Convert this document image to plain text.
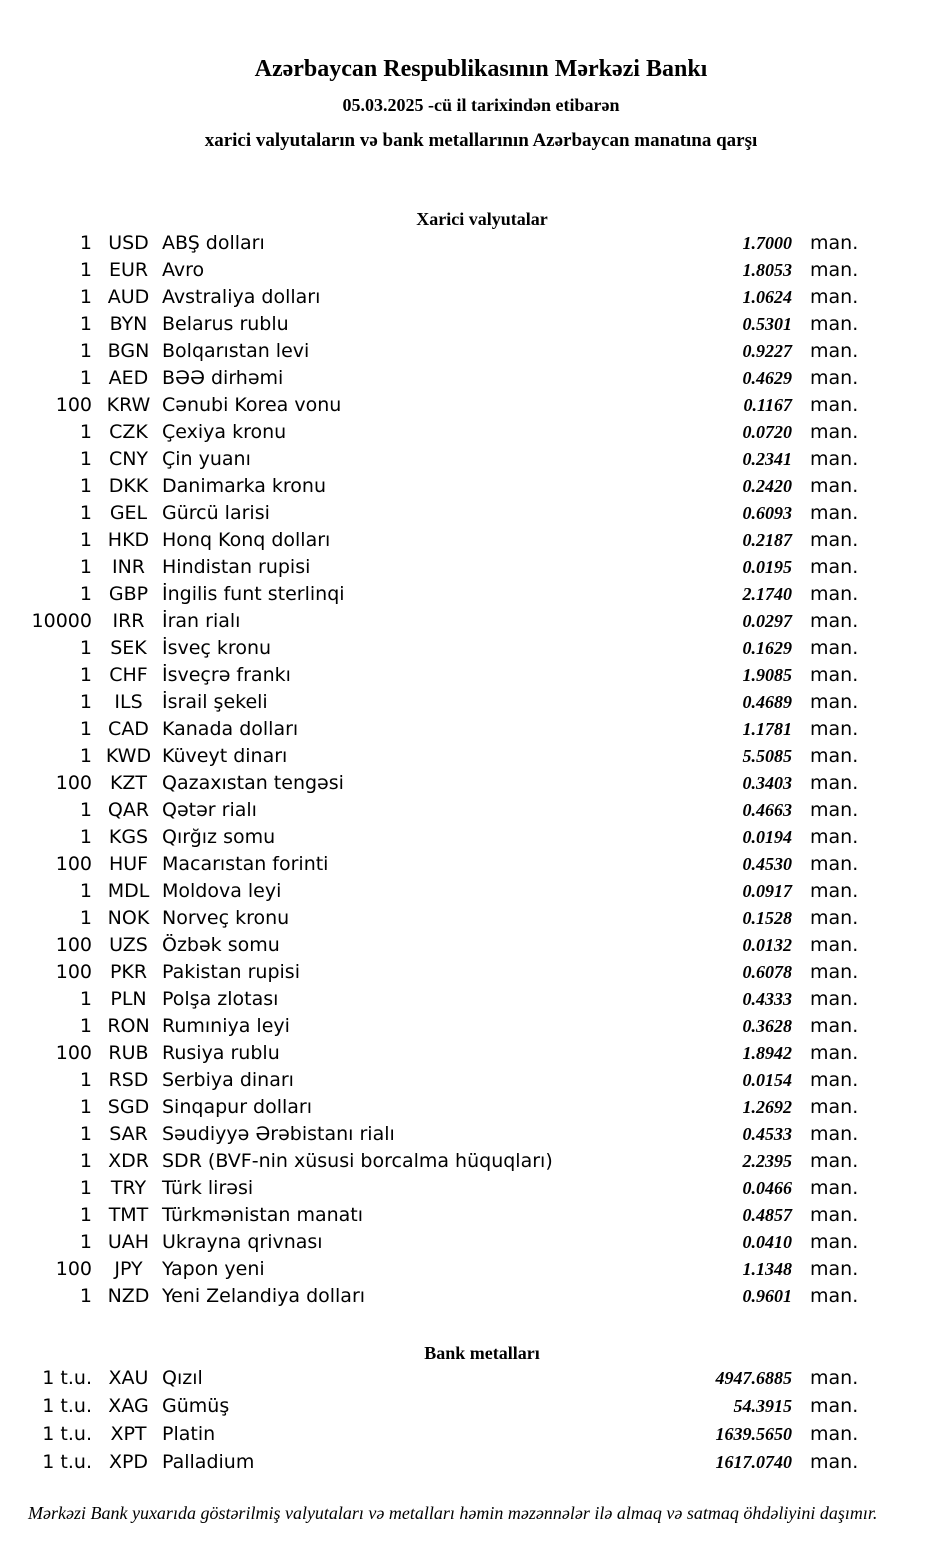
Azərbaycan Respublikasının Mərkəzi Bankı
05.03.2025 -cü il tarixindən etibarən
xarici valyutaların və bank metallarının Azərbaycan manatına qarşı
Xarici valyutalar
1 USD ABŞ dolları	1.7000 man.
1 EUR Avro	1.8053 man.
1 AUD Avstraliya dolları	1.0624 man.
1 BYN Belarus rublu	0.5301 man.
1 BGN Bolqarıstan levi	0.9227 man.
1 AED BƏƏ dirhəmi	0.4629 man.
100 KRW Cənubi Korea vonu	0.1167 man.
1 CZK Çexiya kronu	0.0720 man.
1 CNY Çin yuanı	0.2341 man.
1 DKK Danimarka kronu	0.2420 man.
1 GEL Gürcü larisi	0.6093 man.
1 HKD Honq Konq dolları	0.2187 man.
1	INR Hindistan rupisi	0.0195 man.
1 GBP İngilis funt sterlinqi	2.1740 man.
10000	IRR İran rialı	0.0297 man.
1 SEK İsveç kronu	0.1629 man.
1 CHF İsveçrə frankı	1.9085 man.
1	ILS	İsrail şekeli	0.4689 man.
1 CAD Kanada dolları	1.1781 man.
1 KWD Küveyt dinarı	5.5085 man.
100 KZT Qazaxıstan tengəsi	0.3403 man.
1 QAR Qətər rialı	0.4663 man.
1 KGS Qırğız somu	0.0194 man.
100 HUF Macarıstan forinti	0.4530 man.
1 MDL Moldova leyi	0.0917 man.
1 NOK Norveç kronu	0.1528 man.
100 UZS Özbək somu	0.0132 man.
100 PKR Pakistan rupisi	0.6078 man.
1 PLN Polşa zlotası	0.4333 man.
1 RON Rumıniya leyi	0.3628 man.
100 RUB Rusiya rublu	1.8942 man.
1 RSD Serbiya dinarı	0.0154 man.
1 SGD Sinqapur dolları	1.2692 man.
1 SAR Səudiyyə Ərəbistanı rialı	0.4533 man.
1 XDR SDR (BVF-nin xüsusi borcalma hüquqları)	2.2395 man.
1 TRY Türk lirəsi	0.0466 man.
1 TMT Türkmənistan manatı	0.4857 man.
1 UAH Ukrayna qrivnası	0.0410 man.
100	JPY	Yapon yeni	1.1348 man.
1 NZD Yeni Zelandiya dolları	0.9601 man.
Bank metalları
1 t.u. XAU Qızıl	4947.6885 man.
1 t.u. XAG Gümüş	54.3915 man.
1 t.u. XPT Platin	1639.5650 man.
1 t.u. XPD Palladium	1617.0740 man.
Mərkəzi Bank yuxarıda göstərilmiş valyutaları və metalları həmin məzənnələr ilə almaq və satmaq öhdəliyini daşımır.
